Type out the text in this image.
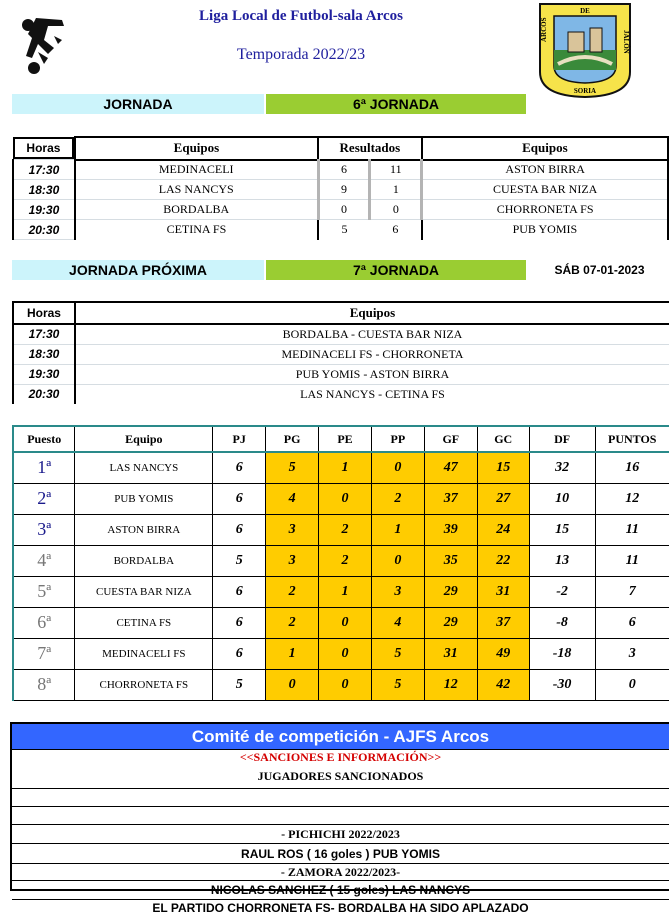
Liga Local de Futbol-sala Arcos
Temporada 2022/23
DE
ARCOS	JALÓN
SORIA
JORNADA	6ª JORNADA
Horas	Equipos	Resultados		Equipos
17:30	MEDINACELI	6	11	ASTON BIRRA
18:30	LAS NANCYS	9	1	CUESTA BAR NIZA
19:30	BORDALBA	0	0	CHORRONETA FS
20:30	CETINA FS	5	6	PUB YOMIS
JORNADA PRÓXIMA	7ª JORNADA	SÁB 07-01-2023
Horas	Equipos
17:30	BORDALBA - CUESTA BAR NIZA
18:30	MEDINACELI FS - CHORRONETA
19:30	PUB YOMIS - ASTON BIRRA
20:30	LAS NANCYS - CETINA FS
Puesto	Equipo	PJ	PG	PE	PP	GF	GC	DF	PUNTOS
1ª	LAS NANCYS	6	5	1	0	47	15	32	16
2ª	PUB YOMIS	6	4	0	2	37	27	10	12
3ª	ASTON BIRRA	6	3	2	1	39	24	15	11
4ª	BORDALBA	5	3	2	0	35	22	13	11
5ª	CUESTA BAR NIZA	6	2	1	3	29	31	-2	7
6ª	CETINA FS	6	2	0	4	29	37	-8	6
7ª	MEDINACELI FS	6	1	0	5	31	49	-18	3
8ª	CHORRONETA FS	5	0	0	5	12	42	-30	0
Comité de competición - AJFS Arcos
<<SANCIONES E INFORMACIÓN>>
JUGADORES SANCIONADOS
- PICHICHI 2022/2023
RAUL ROS ( 16 goles ) PUB YOMIS
- ZAMORA 2022/2023-
NICOLAS SANCHEZ ( 15 goles) LAS NANCYS
EL PARTIDO CHORRONETA FS- BORDALBA HA SIDO APLAZADO
